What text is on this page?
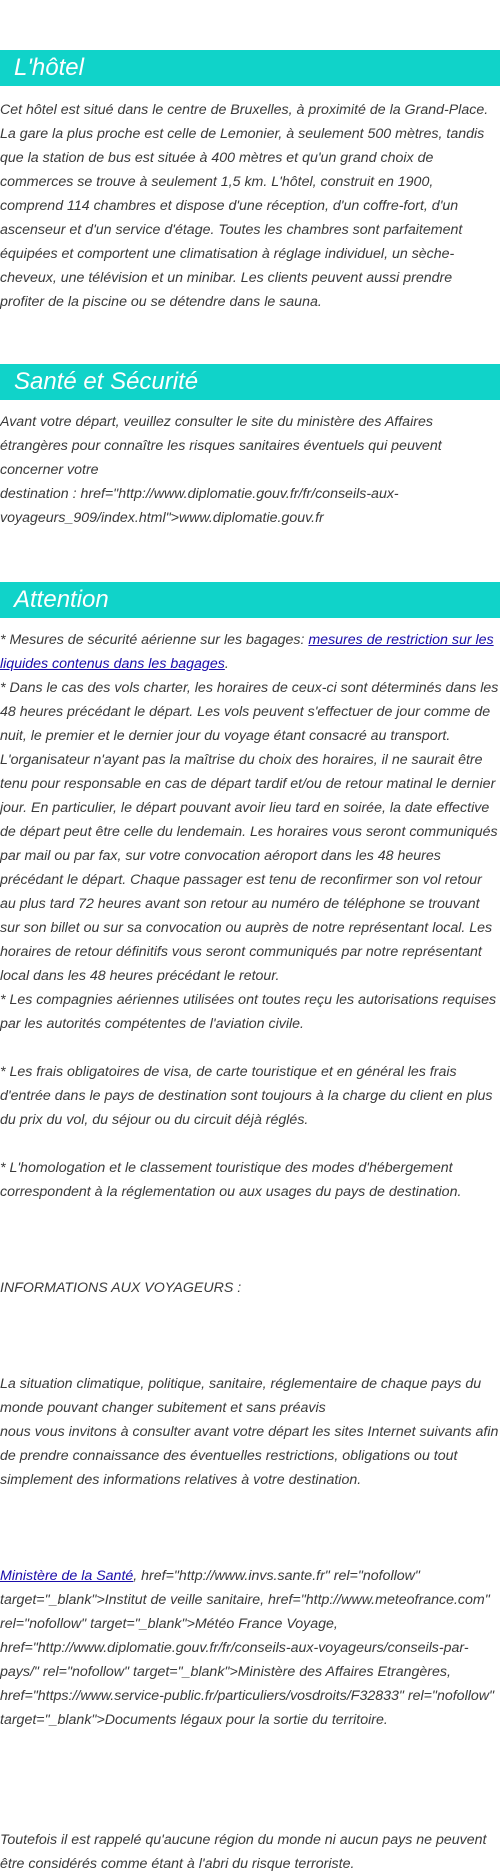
L'hôtel

Cet hôtel est situé dans le centre de Bruxelles, à proximité de la Grand-Place. La gare la plus proche est celle de Lemonier, à seulement 500 mètres, tandis que la station de bus est située à 400 mètres et qu'un grand choix de commerces se trouve à seulement 1,5 km. L'hôtel, construit en 1900, comprend 114 chambres et dispose d'une réception, d'un coffre-fort, d'un ascenseur et d'un service d'étage. Toutes les chambres sont parfaitement équipées et comportent une climatisation à réglage individuel, un sèche-cheveux, une télévision et un minibar. Les clients peuvent aussi prendre profiter de la piscine ou se détendre dans le sauna.

Santé et Sécurité

Avant votre départ, veuillez consulter le site du ministère des Affaires étrangères pour connaître les risques sanitaires éventuels qui peuvent concerner votre

destination : href="http://www.diplomatie.gouv.fr/fr/conseils-aux-voyageurs_909/index.html">www.diplomatie.gouv.fr

Attention

* Mesures de sécurité aérienne sur les bagages: mesures de restriction sur les liquides contenus dans les bagages.

* Dans le cas des vols charter, les horaires de ceux-ci sont déterminés dans les 48 heures précédant le départ. Les vols peuvent s'effectuer de jour comme de nuit, le premier et le dernier jour du voyage étant consacré au transport. L'organisateur n'ayant pas la maîtrise du choix des horaires, il ne saurait être tenu pour responsable en cas de départ tardif et/ou de retour matinal le dernier jour. En particulier, le départ pouvant avoir lieu tard en soirée, la date effective de départ peut être celle du lendemain. Les horaires vous seront communiqués par mail ou par fax, sur votre convocation aéroport dans les 48 heures précédant le départ. Chaque passager est tenu de reconfirmer son vol retour au plus tard 72 heures avant son retour au numéro de téléphone se trouvant sur son billet ou sur sa convocation ou auprès de notre représentant local. Les horaires de retour définitifs vous seront communiqués par notre représentant local dans les 48 heures précédant le retour.

* Les compagnies aériennes utilisées ont toutes reçu les autorisations requises par les autorités compétentes de l'aviation civile.

* Les frais obligatoires de visa, de carte touristique et en général les frais d'entrée dans le pays de destination sont toujours à la charge du client en plus du prix du vol, du séjour ou du circuit déjà réglés.

* L'homologation et le classement touristique des modes d'hébergement correspondent à la réglementation ou aux usages du pays de destination.

INFORMATIONS AUX VOYAGEURS :

La situation climatique, politique, sanitaire, réglementaire de chaque pays du monde pouvant changer subitement et sans préavis

nous vous invitons à consulter avant votre départ les sites Internet suivants afin de prendre connaissance des éventuelles restrictions, obligations ou tout simplement des informations relatives à votre destination.

Ministère de la Santé, href="http://www.invs.sante.fr" rel="nofollow" target="_blank">Institut de veille sanitaire, href="http://www.meteofrance.com" rel="nofollow" target="_blank">Météo France Voyage, href="http://www.diplomatie.gouv.fr/fr/conseils-aux-voyageurs/conseils-par-pays/" rel="nofollow" target="_blank">Ministère des Affaires Etrangères, href="https://www.service-public.fr/particuliers/vosdroits/F32833" rel="nofollow" target="_blank">Documents légaux pour la sortie du territoire.

Toutefois il est rappelé qu'aucune région du monde ni aucun pays ne peuvent être considérés comme étant à l'abri du risque terroriste.
